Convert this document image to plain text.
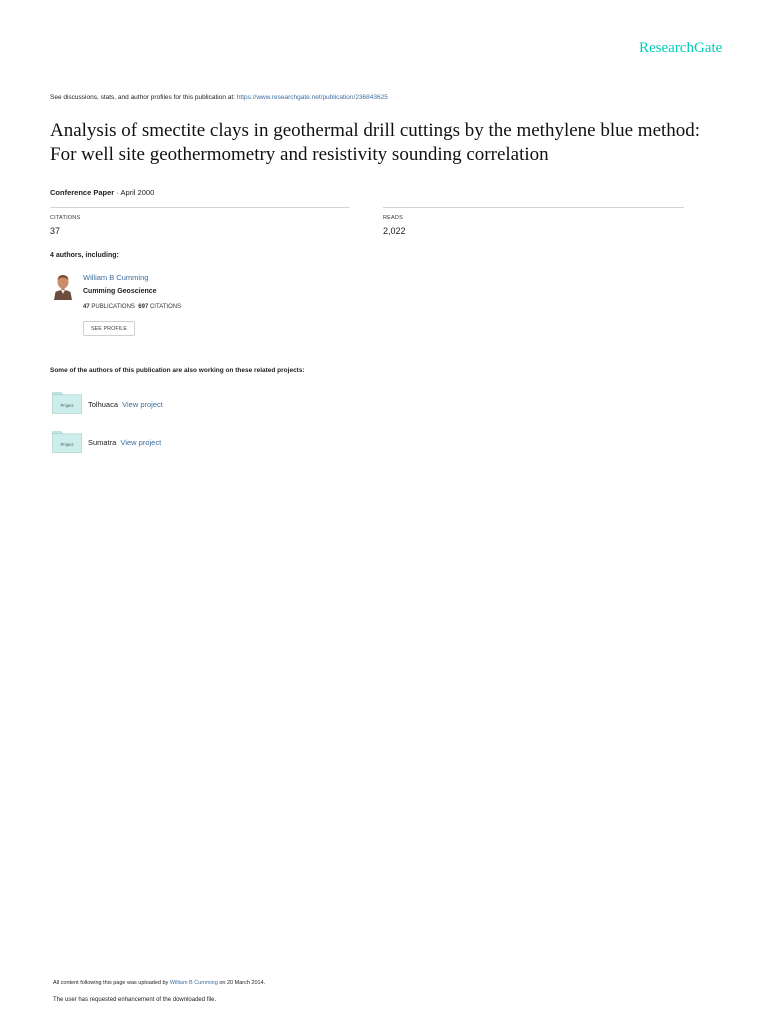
ResearchGate
See discussions, stats, and author profiles for this publication at: https://www.researchgate.net/publication/236843625
Analysis of smectite clays in geothermal drill cuttings by the methylene blue method: For well site geothermometry and resistivity sounding correlation
Conference Paper · April 2000
CITATIONS
37
READS
2,022
4 authors, including:
William B Cumming
Cumming Geoscience
47 PUBLICATIONS 697 CITATIONS
SEE PROFILE
Some of the authors of this publication are also working on these related projects:
Project Tolhuaca View project
Project Sumatra View project
All content following this page was uploaded by William B Cumming on 20 March 2014.
The user has requested enhancement of the downloaded file.
